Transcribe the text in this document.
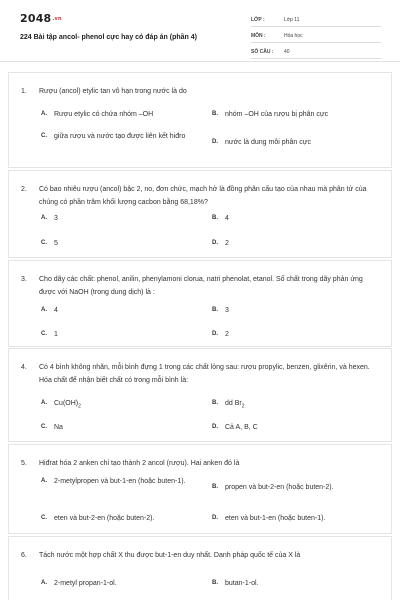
2048.vn
224 Bài tập ancol- phenol cực hay có đáp án (phần 4)
LỚP :	Lớp 11
MÔN :	Hóa học
SỐ CÂU :	40
1. Rượu (ancol) etylic tan vô hạn trong nước là do
A. Rượu etylic có chứa nhóm –OH	B. nhóm –OH của rượu bị phân cực
C. giữa rượu và nước tạo được liên kết hiđro
D. nước là dung môi phân cực
2. Có bao nhiêu rượu (ancol) bậc 2, no, đơn chức, mạch hở là đồng phân cấu tạo của nhau mà phân tử của chúng có phần trăm khối lượng cacbon bằng 68,18%?
A. 3	B. 4
C. 5	D. 2
3. Cho dãy các chất: phenol, anilin, phenylamoni clorua, natri phenolat, etanol. Số chất trong dãy phản ứng được với NaOH (trong dung dịch) là :
A. 4	B. 3
C. 1	D. 2
4. Có 4 bình không nhãn, mỗi bình đựng 1 trong các chất lỏng sau: rượu propylic, benzen, glixêrin, và hexen. Hóa chất để nhận biết chất có trong mỗi bình là:
A. $Cu(OH)_2$
B. dd $Br_2$
C. Na	D. Cả A, B, C
5. Hiđrat hóa 2 anken chỉ tạo thành 2 ancol (rượu). Hai anken đó là
A. 2-metylpropen và but-1-en (hoặc buten-1).
B. propen và but-2-en (hoặc buten-2).
C. eten và but-2-en (hoặc buten-2).	D. eten và but-1-en (hoặc buten-1).
6. Tách nước một hợp chất X thu được but-1-en duy nhất. Danh pháp quốc tế của X là
A. 2-metyl propan-1-ol.	B. butan-1-ol.
